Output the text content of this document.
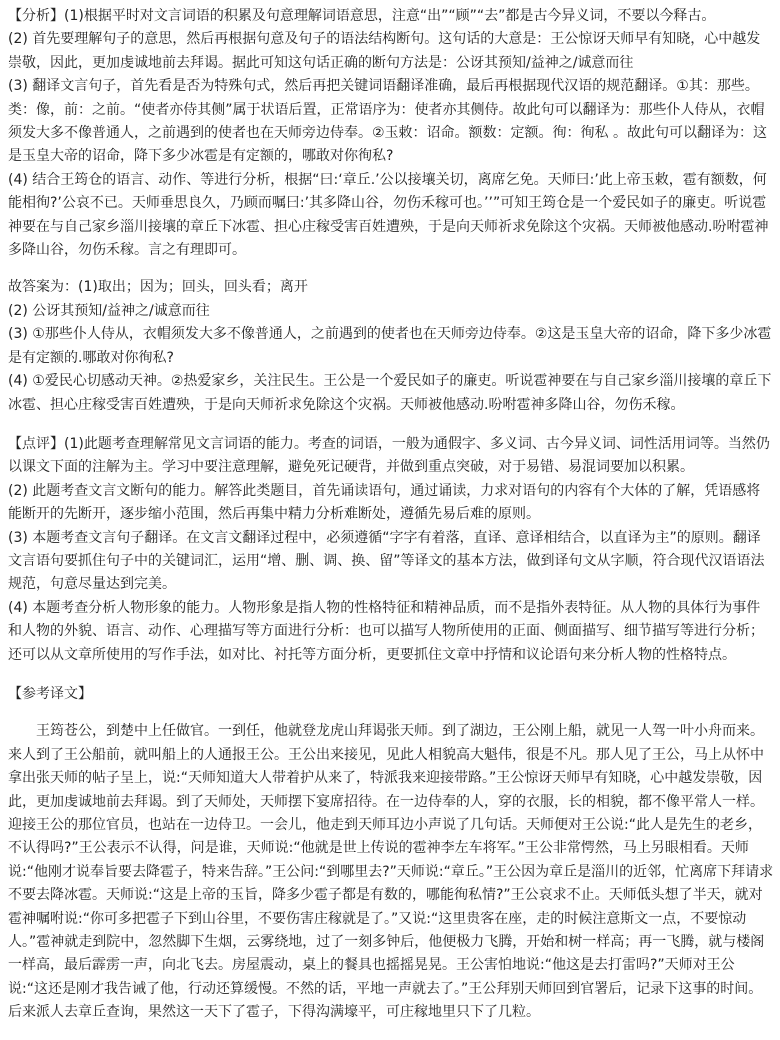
【分析】(1)根据平时对文言词语的积累及句意理解词语意思，注意“出”“顾”“去”都是古今异义词，不要以今释古。

(2) 首先要理解句子的意思，然后再根据句意及句子的语法结构断句。这句话的大意是：王公惊讶天师早有知晓，心中越发崇敬，因此，更加虔诚地前去拜谒。据此可知这句话正确的断句方法是：公讶其预知/益神之/诚意而往

(3) 翻译文言句子，首先看是否为特殊句式，然后再把关键词语翻译准确，最后再根据现代汉语的规范翻译。①其：那些。类：像，前：之前。“使者亦侍其侧”属于状语后置，正常语序为：使者亦其侧侍。故此句可以翻译为：那些仆人侍从，衣帽须发大多不像普通人，之前遇到的使者也在天师旁边侍奉。②玉敕：诏命。额数：定额。徇：徇私 。故此句可以翻译为：这是玉皇大帝的诏命，降下多少冰雹是有定额的，哪敢对你徇私?

(4) 结合王筠仓的语言、动作、等进行分析，根据“曰:‘章丘.’公以接壤关切，离席乞免。天师曰:’此上帝玉敕，雹有额数，何能相徇?’公哀不已。天师垂思良久，乃顾而嘱曰:’其多降山谷，勿伤禾稼可也。’’”可知王筠仓是一个爱民如子的廉吏。听说雹神要在与自己家乡淄川接壤的章丘下冰雹、担心庄稼受害百姓遭殃，于是向天师祈求免除这个灾祸。天师被他感动.吩咐雹神多降山谷，勿伤禾稼。言之有理即可。

故答案为：(1)取出；因为；回头，回头看；离开

(2) 公讶其预知/益神之/诚意而往

(3) ①那些仆人侍从，衣帽须发大多不像普通人，之前遇到的使者也在天师旁边侍奉。②这是玉皇大帝的诏命，降下多少冰雹是有定额的.哪敢对你徇私?

(4) ①爱民心切感动天神。②热爱家乡，关注民生。王公是一个爱民如子的廉吏。听说雹神要在与自己家乡淄川接壤的章丘下冰雹、担心庄稼受害百姓遭殃，于是向天师祈求免除这个灾祸。天师被他感动.吩咐雹神多降山谷，勿伤禾稼。

【点评】(1)此题考查理解常见文言词语的能力。考查的词语，一般为通假字、多义词、古今异义词、词性活用词等。当然仍以课文下面的注解为主。学习中要注意理解，避免死记硬背，并做到重点突破，对于易错、易混词要加以积累。

(2) 此题考查文言文断句的能力。解答此类题目，首先诵读语句，通过诵读，力求对语句的内容有个大体的了解，凭语感将能断开的先断开，逐步缩小范围，然后再集中精力分析难断处，遵循先易后难的原则。

(3) 本题考查文言句子翻译。在文言文翻译过程中，必须遵循“字字有着落，直译、意译相结合，以直译为主”的原则。翻译文言语句要抓住句子中的关键词汇，运用“增、删、调、换、留”等译文的基本方法，做到译句文从字顺，符合现代汉语语法规范，句意尽量达到完美。

(4) 本题考查分析人物形象的能力。人物形象是指人物的性格特征和精神品质，而不是指外表特征。从人物的具体行为事件和人物的外貌、语言、动作、心理描写等方面进行分析：也可以描写人物所使用的正面、侧面描写、细节描写等进行分析；还可以从文章所使用的写作手法，如对比、衬托等方面分析，更要抓住文章中抒情和议论语句来分析人物的性格特点。

【参考译文】

王筠苍公，到楚中上任做官。一到任，他就登龙虎山拜谒张天师。到了湖边，王公刚上船，就见一人驾一叶小舟而来。来人到了王公船前，就叫船上的人通报王公。王公出来接见，见此人相貌高大魁伟，很是不凡。那人见了王公，马上从怀中拿出张天师的帖子呈上，说:“天师知道大人带着护从来了，特派我来迎接带路。”王公惊讶天师早有知晓，心中越发崇敬，因此，更加虔诚地前去拜谒。到了天师处，天师摆下宴席招待。在一边侍奉的人，穿的衣服，长的相貌，都不像平常人一样。迎接王公的那位官员，也站在一边侍卫。一会儿，他走到天师耳边小声说了几句话。天师便对王公说:“此人是先生的老乡，不认得吗?”王公表示不认得，问是谁，天师说:“他就是世上传说的雹神李左车将军。”王公非常愕然，马上另眼相看。天师说:“他刚才说奉旨要去降雹子，特来告辞。”王公问:“到哪里去?”天师说:“章丘。”王公因为章丘是淄川的近邻，忙离席下拜请求不要去降冰雹。天师说:“这是上帝的玉旨，降多少雹子都是有数的，哪能徇私情?”王公哀求不止。天师低头想了半天，就对雹神嘱咐说:“你可多把雹子下到山谷里，不要伤害庄稼就是了。”又说:“这里贵客在座，走的时候注意斯文一点，不要惊动人。”雹神就走到院中，忽然脚下生烟，云雾绕地，过了一刻多钟后，他便极力飞腾，开始和树一样高；再一飞腾，就与楼阁一样高，最后霹雳一声，向北飞去。房屋震动，桌上的餐具也摇摇晃晃。王公害怕地说:“他这是去打雷吗?”天师对王公说:“这还是刚才我告诫了他，行动还算缓慢。不然的话，平地一声就去了。”王公拜别天师回到官署后，记录下这事的时间。后来派人去章丘查询，果然这一天下了雹子，下得沟满壕平，可庄稼地里只下了几粒。
